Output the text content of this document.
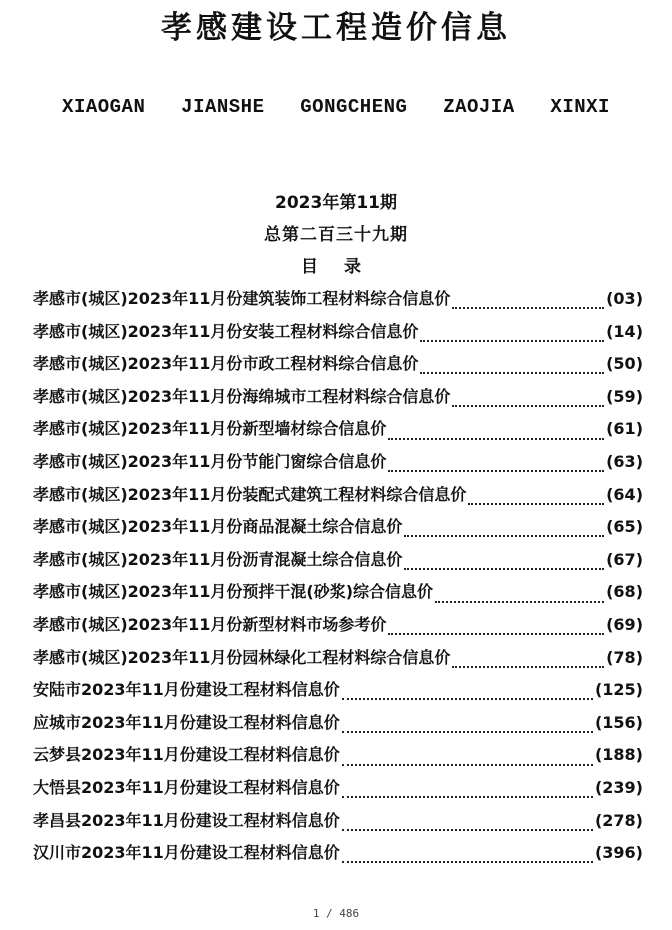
孝感建设工程造价信息
XIAOGAN  JIANSHE  GONGCHENG  ZAOJIA  XINXI
2023年第11期
总第二百三十九期
目 录
孝感市(城区)2023年11月份建筑装饰工程材料综合信息价	(03)
孝感市(城区)2023年11月份安装工程材料综合信息价	(14)
孝感市(城区)2023年11月份市政工程材料综合信息价	(50)
孝感市(城区)2023年11月份海绵城市工程材料综合信息价	(59)
孝感市(城区)2023年11月份新型墙材综合信息价	(61)
孝感市(城区)2023年11月份节能门窗综合信息价	(63)
孝感市(城区)2023年11月份装配式建筑工程材料综合信息价	(64)
孝感市(城区)2023年11月份商品混凝土综合信息价	(65)
孝感市(城区)2023年11月份沥青混凝土综合信息价	(67)
孝感市(城区)2023年11月份预拌干混(砂浆)综合信息价	(68)
孝感市(城区)2023年11月份新型材料市场参考价	(69)
孝感市(城区)2023年11月份园林绿化工程材料综合信息价	(78)
安陆市2023年11月份建设工程材料信息价	(125)
应城市2023年11月份建设工程材料信息价	(156)
云梦县2023年11月份建设工程材料信息价	(188)
大悟县2023年11月份建设工程材料信息价	(239)
孝昌县2023年11月份建设工程材料信息价	(278)
汉川市2023年11月份建设工程材料信息价	(396)
1 / 486
